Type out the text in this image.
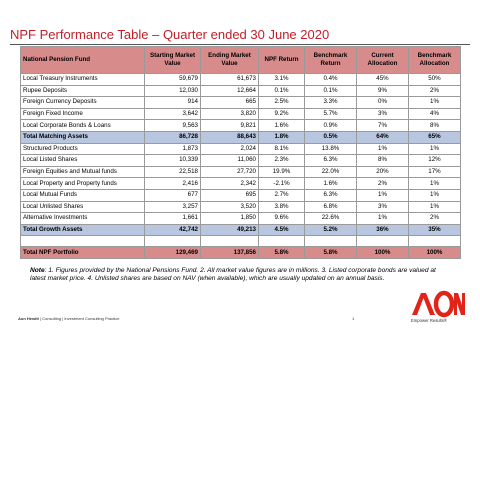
NPF Performance Table – Quarter ended 30 June 2020
National Pension Fund	Starting Market Value	Ending Market Value	NPF Return	Benchmark Return	Current Allocation	Benchmark Allocation
Local Treasury Instruments	59,679	61,673	3.1%	0.4%	45%	50%
Rupee Deposits	12,030	12,664	0.1%	0.1%	9%	2%
Foreign Currency Deposits	914	665	2.5%	3.3%	0%	1%
Foreign Fixed Income	3,642	3,820	9.2%	5.7%	3%	4%
Local Corporate Bonds & Loans	9,563	9,821	1.6%	0.9%	7%	8%
Total Matching Assets	86,728	88,643	1.8%	0.5%	64%	65%
Structured Products	1,873	2,024	8.1%	13.8%	1%	1%
Local Listed Shares	10,339	11,060	2.3%	6.3%	8%	12%
Foreign Equities and Mutual funds	22,518	27,720	19.9%	22.0%	20%	17%
Local Property and Property funds	2,416	2,342	-2.1%	1.6%	2%	1%
Local Mutual Funds	677	695	2.7%	6.3%	1%	1%
Local Unlisted Shares	3,257	3,520	3.8%	6.8%	3%	1%
Alternative Investments	1,661	1,850	9.6%	22.6%	1%	2%
Total Growth Assets	42,742	49,213	4.5%	5.2%	36%	35%

Total NPF Portfolio	129,469	137,856	5.8%	5.8%	100%	100%
Note: 1. Figures provided by the National Pensions Fund. 2. All market value figures are in millions. 3. Listed corporate bonds are valued at latest market price. 4. Unlisted shares are based on NAV (when available), which are usually updated on an annual basis.
Aon Hewitt | Consulting | Investment Consulting Practice	1	Empower Results®
